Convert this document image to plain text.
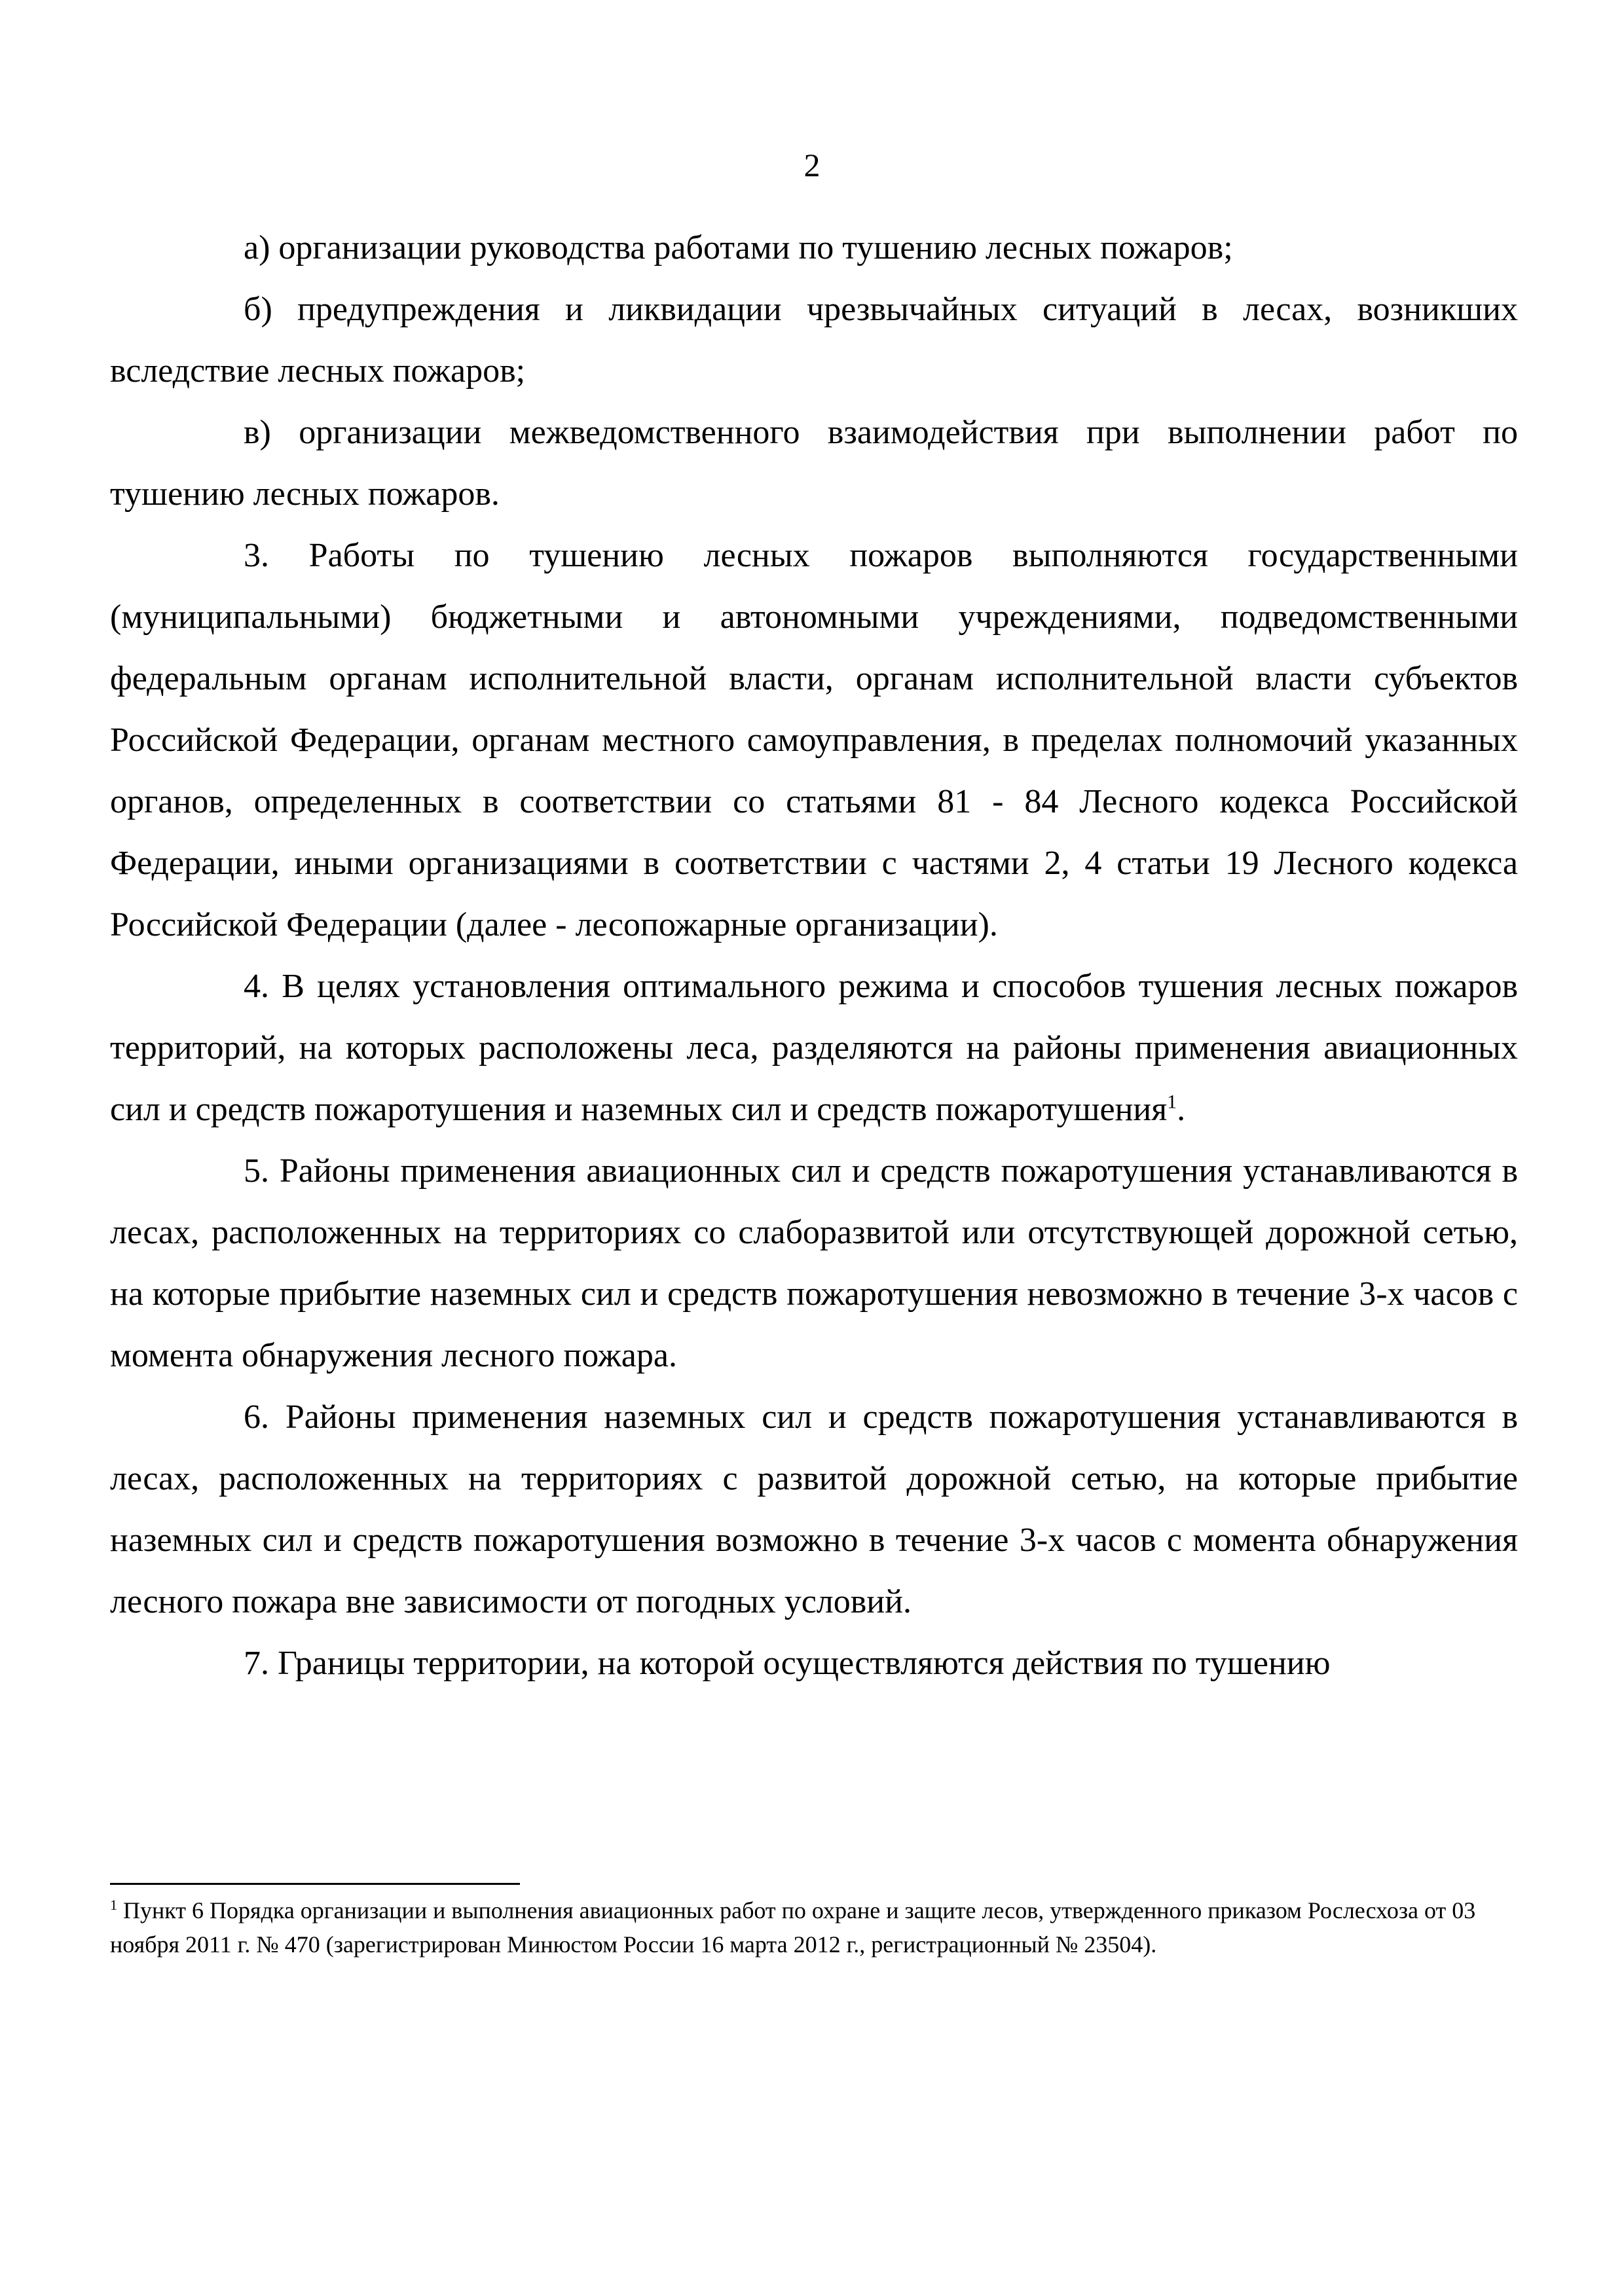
2

а) организации руководства работами по тушению лесных пожаров;

б) предупреждения и ликвидации чрезвычайных ситуаций в лесах, возникших вследствие лесных пожаров;

в) организации межведомственного взаимодействия при выполнении работ по тушению лесных пожаров.

3. Работы по тушению лесных пожаров выполняются государственными (муниципальными) бюджетными и автономными учреждениями, подведомственными федеральным органам исполнительной власти, органам исполнительной власти субъектов Российской Федерации, органам местного самоуправления, в пределах полномочий указанных органов, определенных в соответствии со статьями 81 - 84 Лесного кодекса Российской Федерации, иными организациями в соответствии с частями 2, 4 статьи 19 Лесного кодекса Российской Федерации (далее - лесопожарные организации).

4. В целях установления оптимального режима и способов тушения лесных пожаров территорий, на которых расположены леса, разделяются на районы применения авиационных сил и средств пожаротушения и наземных сил и средств пожаротушения$^1$.

5. Районы применения авиационных сил и средств пожаротушения устанавливаются в лесах, расположенных на территориях со слаборазвитой или отсутствующей дорожной сетью, на которые прибытие наземных сил и средств пожаротушения невозможно в течение 3-х часов с момента обнаружения лесного пожара.

6. Районы применения наземных сил и средств пожаротушения устанавливаются в лесах, расположенных на территориях с развитой дорожной сетью, на которые прибытие наземных сил и средств пожаротушения возможно в течение 3-х часов с момента обнаружения лесного пожара вне зависимости от погодных условий.

7. Границы территории, на которой осуществляются действия по тушению

$^1$ Пункт 6 Порядка организации и выполнения авиационных работ по охране и защите лесов, утвержденного приказом Рослесхоза от 03 ноября 2011 г. № 470 (зарегистрирован Минюстом России 16 марта 2012 г., регистрационный № 23504).
